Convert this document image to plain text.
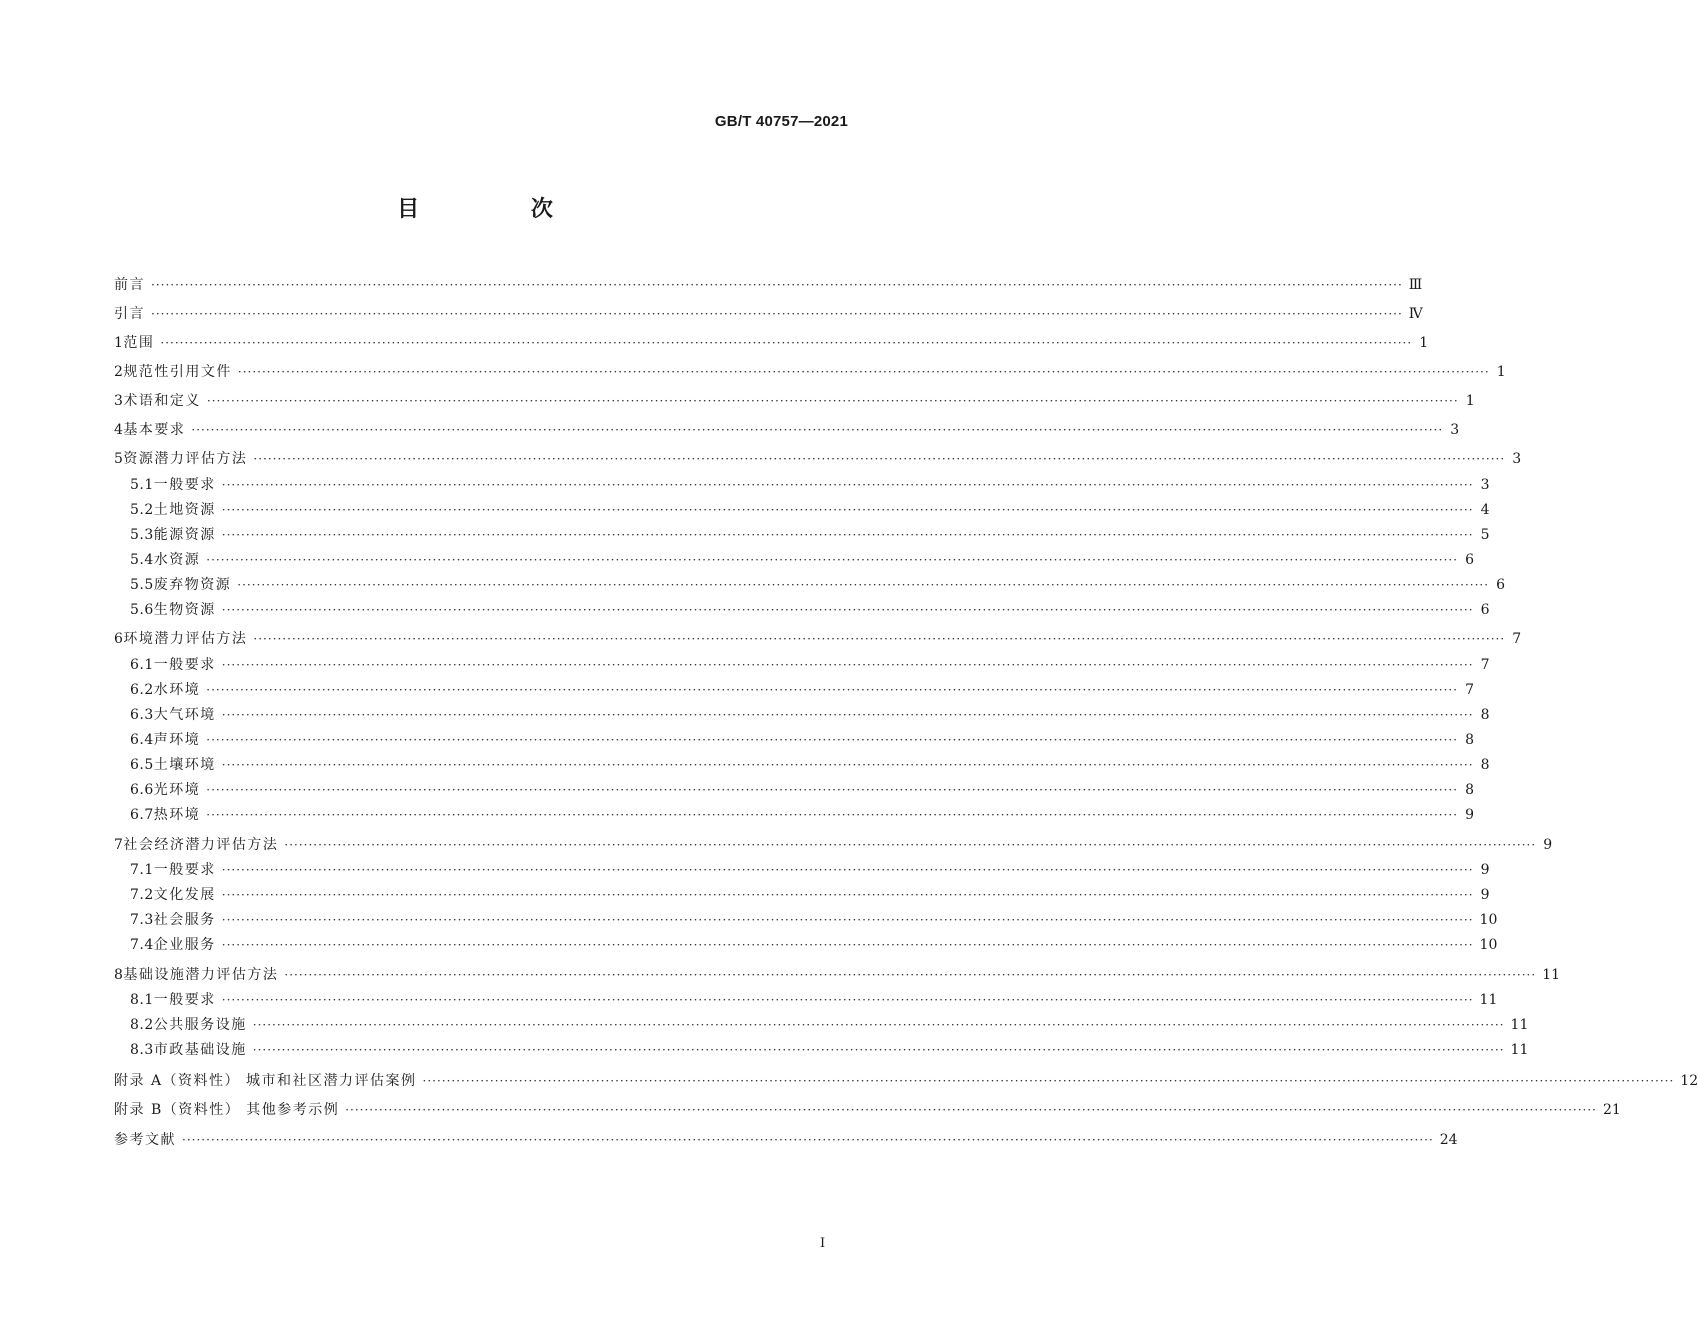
GB/T 40757—2021
目 次
前言 ···································································································································································································································································· Ⅲ
引言 ···································································································································································································································································· Ⅳ
1 范围 ···································································································································································································································································· 1
2 规范性引用文件 ···································································································································································································································································· 1
3 术语和定义 ···································································································································································································································································· 1
4 基本要求 ···································································································································································································································································· 3
5 资源潜力评估方法 ···································································································································································································································································· 3
5.1 一般要求 ···································································································································································································································································· 3
5.2 土地资源 ···································································································································································································································································· 4
5.3 能源资源 ···································································································································································································································································· 5
5.4 水资源 ···································································································································································································································································· 6
5.5 废弃物资源 ···································································································································································································································································· 6
5.6 生物资源 ···································································································································································································································································· 6
6 环境潜力评估方法 ···································································································································································································································································· 7
6.1 一般要求 ···································································································································································································································································· 7
6.2 水环境 ···································································································································································································································································· 7
6.3 大气环境 ···································································································································································································································································· 8
6.4 声环境 ···································································································································································································································································· 8
6.5 土壤环境 ···································································································································································································································································· 8
6.6 光环境 ···································································································································································································································································· 8
6.7 热环境 ···································································································································································································································································· 9
7 社会经济潜力评估方法 ···································································································································································································································································· 9
7.1 一般要求 ···································································································································································································································································· 9
7.2 文化发展 ···································································································································································································································································· 9
7.3 社会服务 ···································································································································································································································································· 10
7.4 企业服务 ···································································································································································································································································· 10
8 基础设施潜力评估方法 ···································································································································································································································································· 11
8.1 一般要求 ···································································································································································································································································· 11
8.2 公共服务设施 ···································································································································································································································································· 11
8.3 市政基础设施 ···································································································································································································································································· 11
附录 A（资料性） 城市和社区潜力评估案例 ···································································································································································································································································· 12
附录 B（资料性） 其他参考示例 ···································································································································································································································································· 21
参考文献 ···································································································································································································································································· 24
I
